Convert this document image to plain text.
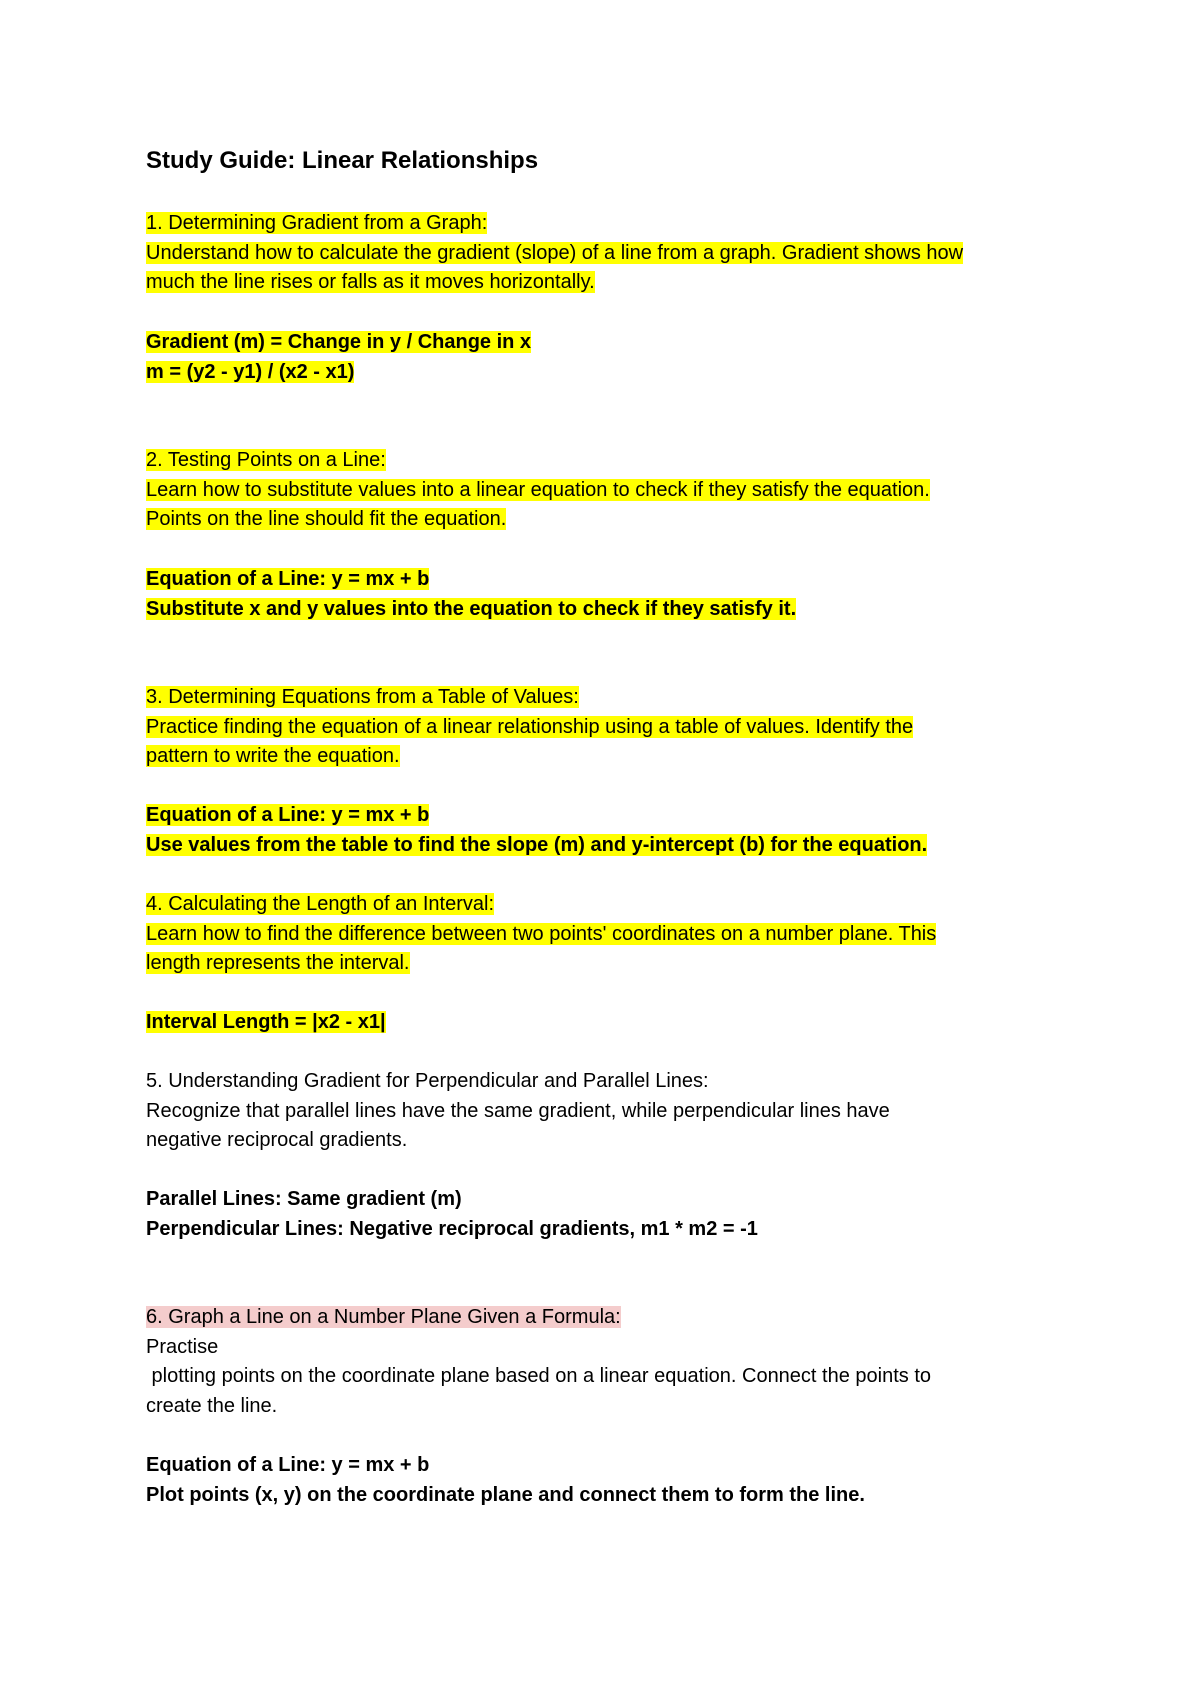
Study Guide: Linear Relationships
1. Determining Gradient from a Graph:
Understand how to calculate the gradient (slope) of a line from a graph. Gradient shows how
much the line rises or falls as it moves horizontally.
Gradient (m) = Change in y / Change in x
m = (y2 - y1) / (x2 - x1)
2. Testing Points on a Line:
Learn how to substitute values into a linear equation to check if they satisfy the equation.
Points on the line should fit the equation.
Equation of a Line: y = mx + b
Substitute x and y values into the equation to check if they satisfy it.
3. Determining Equations from a Table of Values:
Practice finding the equation of a linear relationship using a table of values. Identify the
pattern to write the equation.
Equation of a Line: y = mx + b
Use values from the table to find the slope (m) and y-intercept (b) for the equation.
4. Calculating the Length of an Interval:
Learn how to find the difference between two points' coordinates on a number plane. This
length represents the interval.
Interval Length = |x2 - x1|
5. Understanding Gradient for Perpendicular and Parallel Lines:
Recognize that parallel lines have the same gradient, while perpendicular lines have
negative reciprocal gradients.
Parallel Lines: Same gradient (m)
Perpendicular Lines: Negative reciprocal gradients, m1 * m2 = -1
6. Graph a Line on a Number Plane Given a Formula:
Practise
plotting points on the coordinate plane based on a linear equation. Connect the points to
create the line.
Equation of a Line: y = mx + b
Plot points (x, y) on the coordinate plane and connect them to form the line.
